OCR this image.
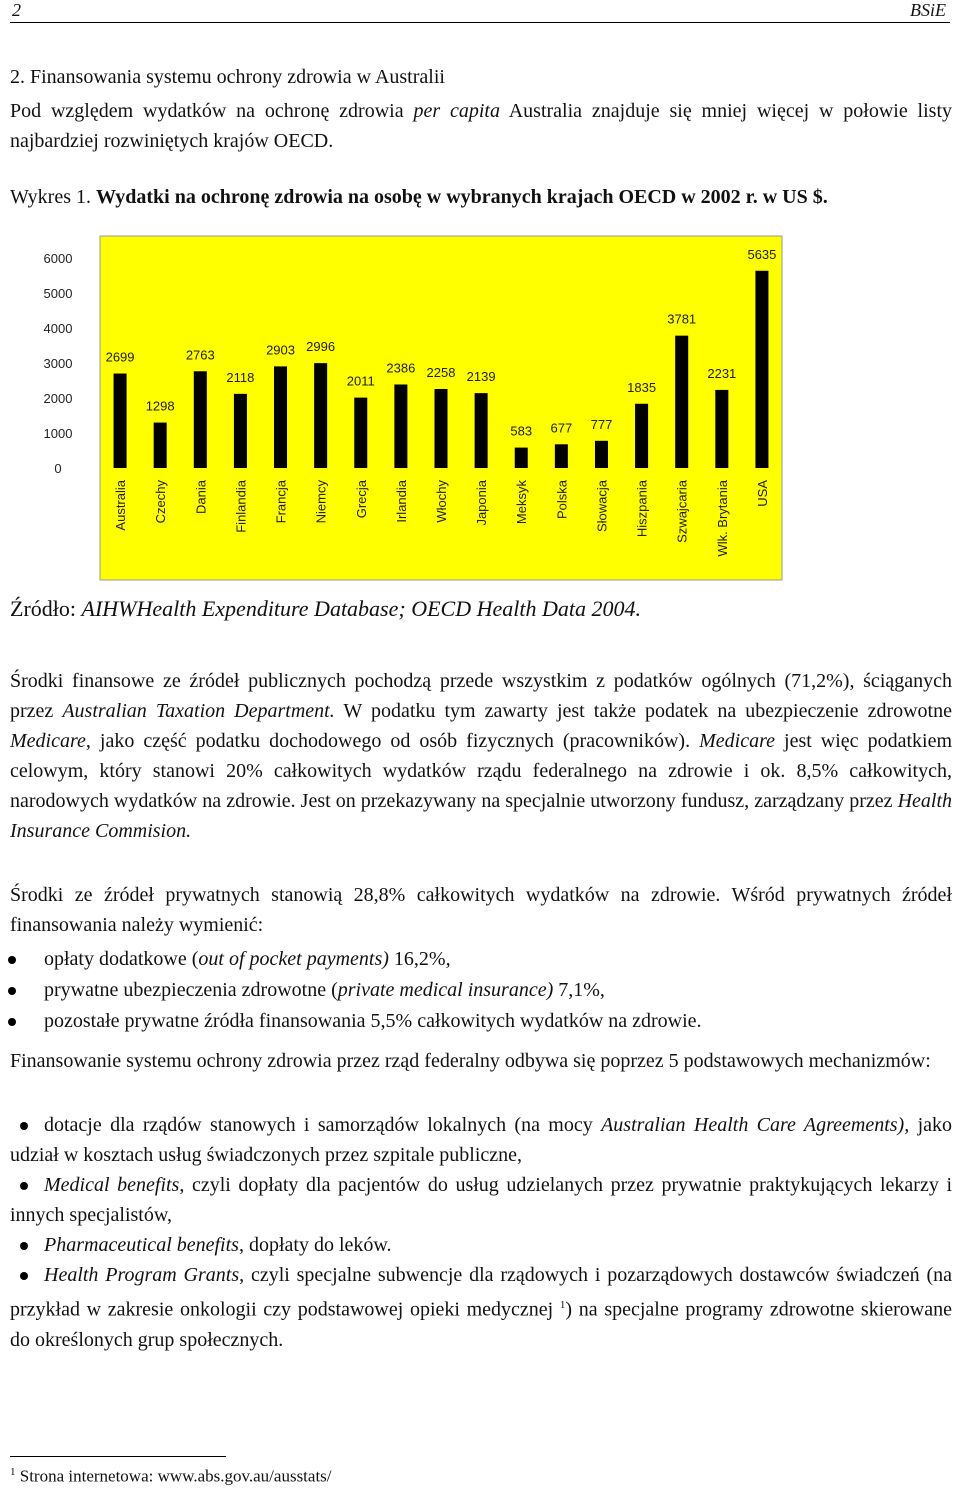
2	BSiE
2. Finansowania systemu ochrony zdrowia w Australii
Pod względem wydatków na ochronę zdrowia per capita Australia znajduje się mniej więcej w połowie listy najbardziej rozwiniętych krajów OECD.
Wykres 1. Wydatki na ochronę zdrowia na osobę w wybranych krajach OECD w 2002 r. w US $.
0
1000
2000
3000
4000
5000
6000
2699
Australia
1298
Czechy
2763
Dania
2118
Finlandia
2903
Francja
2996
Niemcy
2011
Grecja
2386
Irlandia
2258
Włochy
2139
Japonia
583
Meksyk
677
Polska
777
Słowacja
1835
Hiszpania
3781
Szwajcaria
2231
Wlk. Brytania
5635
USA
Źródło: AIHWHealth Expenditure Database; OECD Health Data 2004.
Środki finansowe ze źródeł publicznych pochodzą przede wszystkim z podatków ogólnych (71,2%), ściąganych przez Australian Taxation Department. W podatku tym zawarty jest także podatek na ubezpieczenie zdrowotne Medicare, jako część podatku dochodowego od osób fizycznych (pracowników). Medicare jest więc podatkiem celowym, który stanowi 20% całkowitych wydatków rządu federalnego na zdrowie i ok. 8,5% całkowitych, narodowych wydatków na zdrowie. Jest on przekazywany na specjalnie utworzony fundusz, zarządzany przez Health Insurance Commision.
Środki ze źródeł prywatnych stanowią 28,8% całkowitych wydatków na zdrowie. Wśród prywatnych źródeł finansowania należy wymienić:
opłaty dodatkowe (out of pocket payments) 16,2%,
prywatne ubezpieczenia zdrowotne (private medical insurance) 7,1%,
pozostałe prywatne źródła finansowania 5,5% całkowitych wydatków na zdrowie.
Finansowanie systemu ochrony zdrowia przez rząd federalny odbywa się poprzez 5 podstawowych mechanizmów:
dotacje dla rządów stanowych i samorządów lokalnych (na mocy Australian Health Care Agreements), jako udział w kosztach usług świadczonych przez szpitale publiczne,
Medical benefits, czyli dopłaty dla pacjentów do usług udzielanych przez prywatnie praktykujących lekarzy i innych specjalistów,
Pharmaceutical benefits, dopłaty do leków.
Health Program Grants, czyli specjalne subwencje dla rządowych i pozarządowych dostawców świadczeń (na przykład w zakresie onkologii czy podstawowej opieki medycznej $^1$) na specjalne programy zdrowotne skierowane do określonych grup społecznych.
$^1$ Strona internetowa: www.abs.gov.au/ausstats/
